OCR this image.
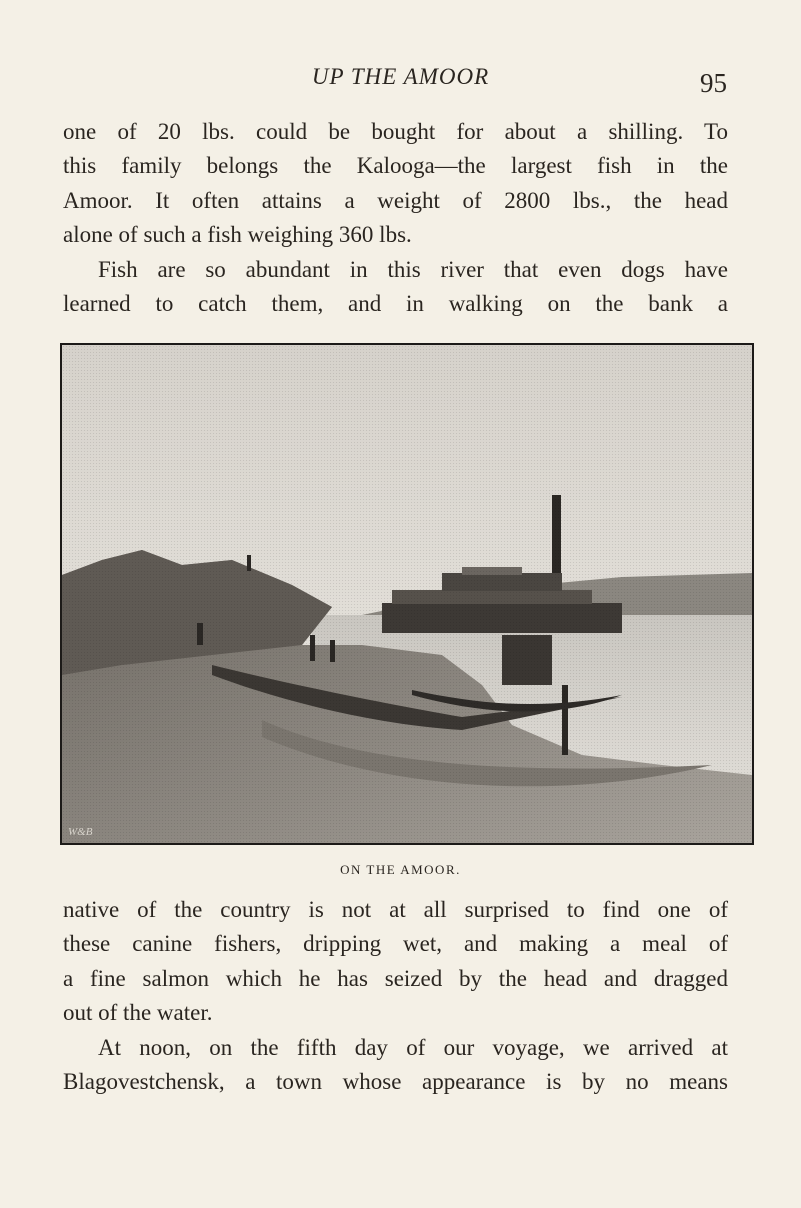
UP THE AMOOR	95

one of 20 lbs. could be bought for about a shilling. To

this family belongs the Kalooga—the largest fish in the

Amoor. It often attains a weight of 2800 lbs., the head

alone of such a fish weighing 360 lbs.

Fish are so abundant in this river that even dogs have

learned to catch them, and in walking on the bank a

W&B
ON THE AMOOR.

native of the country is not at all surprised to find one of

these canine fishers, dripping wet, and making a meal of

a fine salmon which he has seized by the head and dragged

out of the water.

At noon, on the fifth day of our voyage, we arrived at

Blagovestchensk, a town whose appearance is by no means
